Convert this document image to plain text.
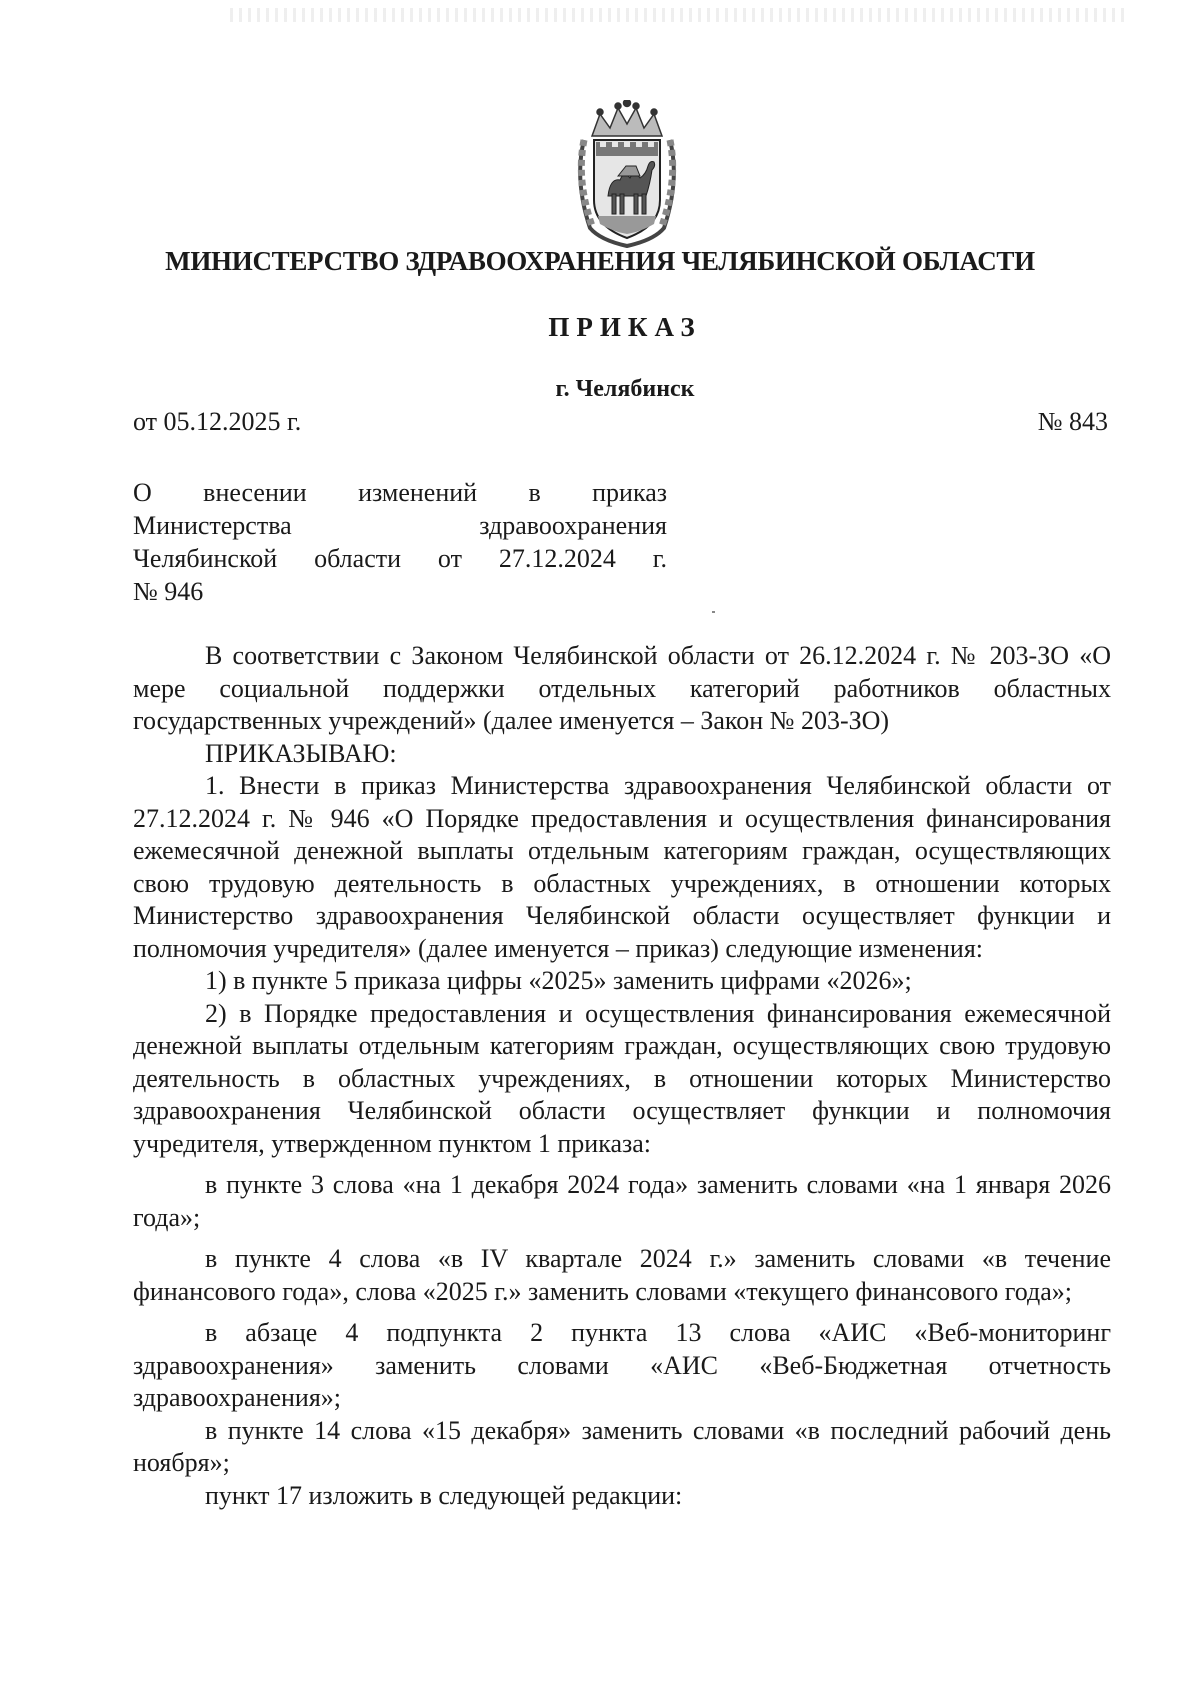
МИНИСТЕРСТВО ЗДРАВООХРАНЕНИЯ ЧЕЛЯБИНСКОЙ ОБЛАСТИ
ПРИКАЗ
г. Челябинск
от 05.12.2025 г.	№ 843
О внесении изменений в приказ
Министерства здравоохранения
Челябинской области от 27.12.2024 г.
№ 946

В соответствии с Законом Челябинской области от 26.12.2024 г. № 203-ЗО «О мере социальной поддержки отдельных категорий работников областных государственных учреждений» (далее именуется – Закон № 203-ЗО)

ПРИКАЗЫВАЮ:

1. Внести в приказ Министерства здравоохранения Челябинской области от 27.12.2024 г. № 946 «О Порядке предоставления и осуществления финансирования ежемесячной денежной выплаты отдельным категориям граждан, осуществляющих свою трудовую деятельность в областных учреждениях, в отношении которых Министерство здравоохранения Челябинской области осуществляет функции и полномочия учредителя» (далее именуется – приказ) следующие изменения:

1) в пункте 5 приказа цифры «2025» заменить цифрами «2026»;

2) в Порядке предоставления и осуществления финансирования ежемесячной денежной выплаты отдельным категориям граждан, осуществляющих свою трудовую деятельность в областных учреждениях, в отношении которых Министерство здравоохранения Челябинской области осуществляет функции и полномочия учредителя, утвержденном пунктом 1 приказа:

в пункте 3 слова «на 1 декабря 2024 года» заменить словами «на 1 января 2026 года»;

в пункте 4 слова «в IV квартале 2024 г.» заменить словами «в течение финансового года», слова «2025 г.» заменить словами «текущего финансового года»;

в абзаце 4 подпункта 2 пункта 13 слова «АИС «Веб-мониторинг здравоохранения» заменить словами «АИС «Веб-Бюджетная отчетность здравоохранения»;

в пункте 14 слова «15 декабря» заменить словами «в последний рабочий день ноября»;

пункт 17 изложить в следующей редакции:
